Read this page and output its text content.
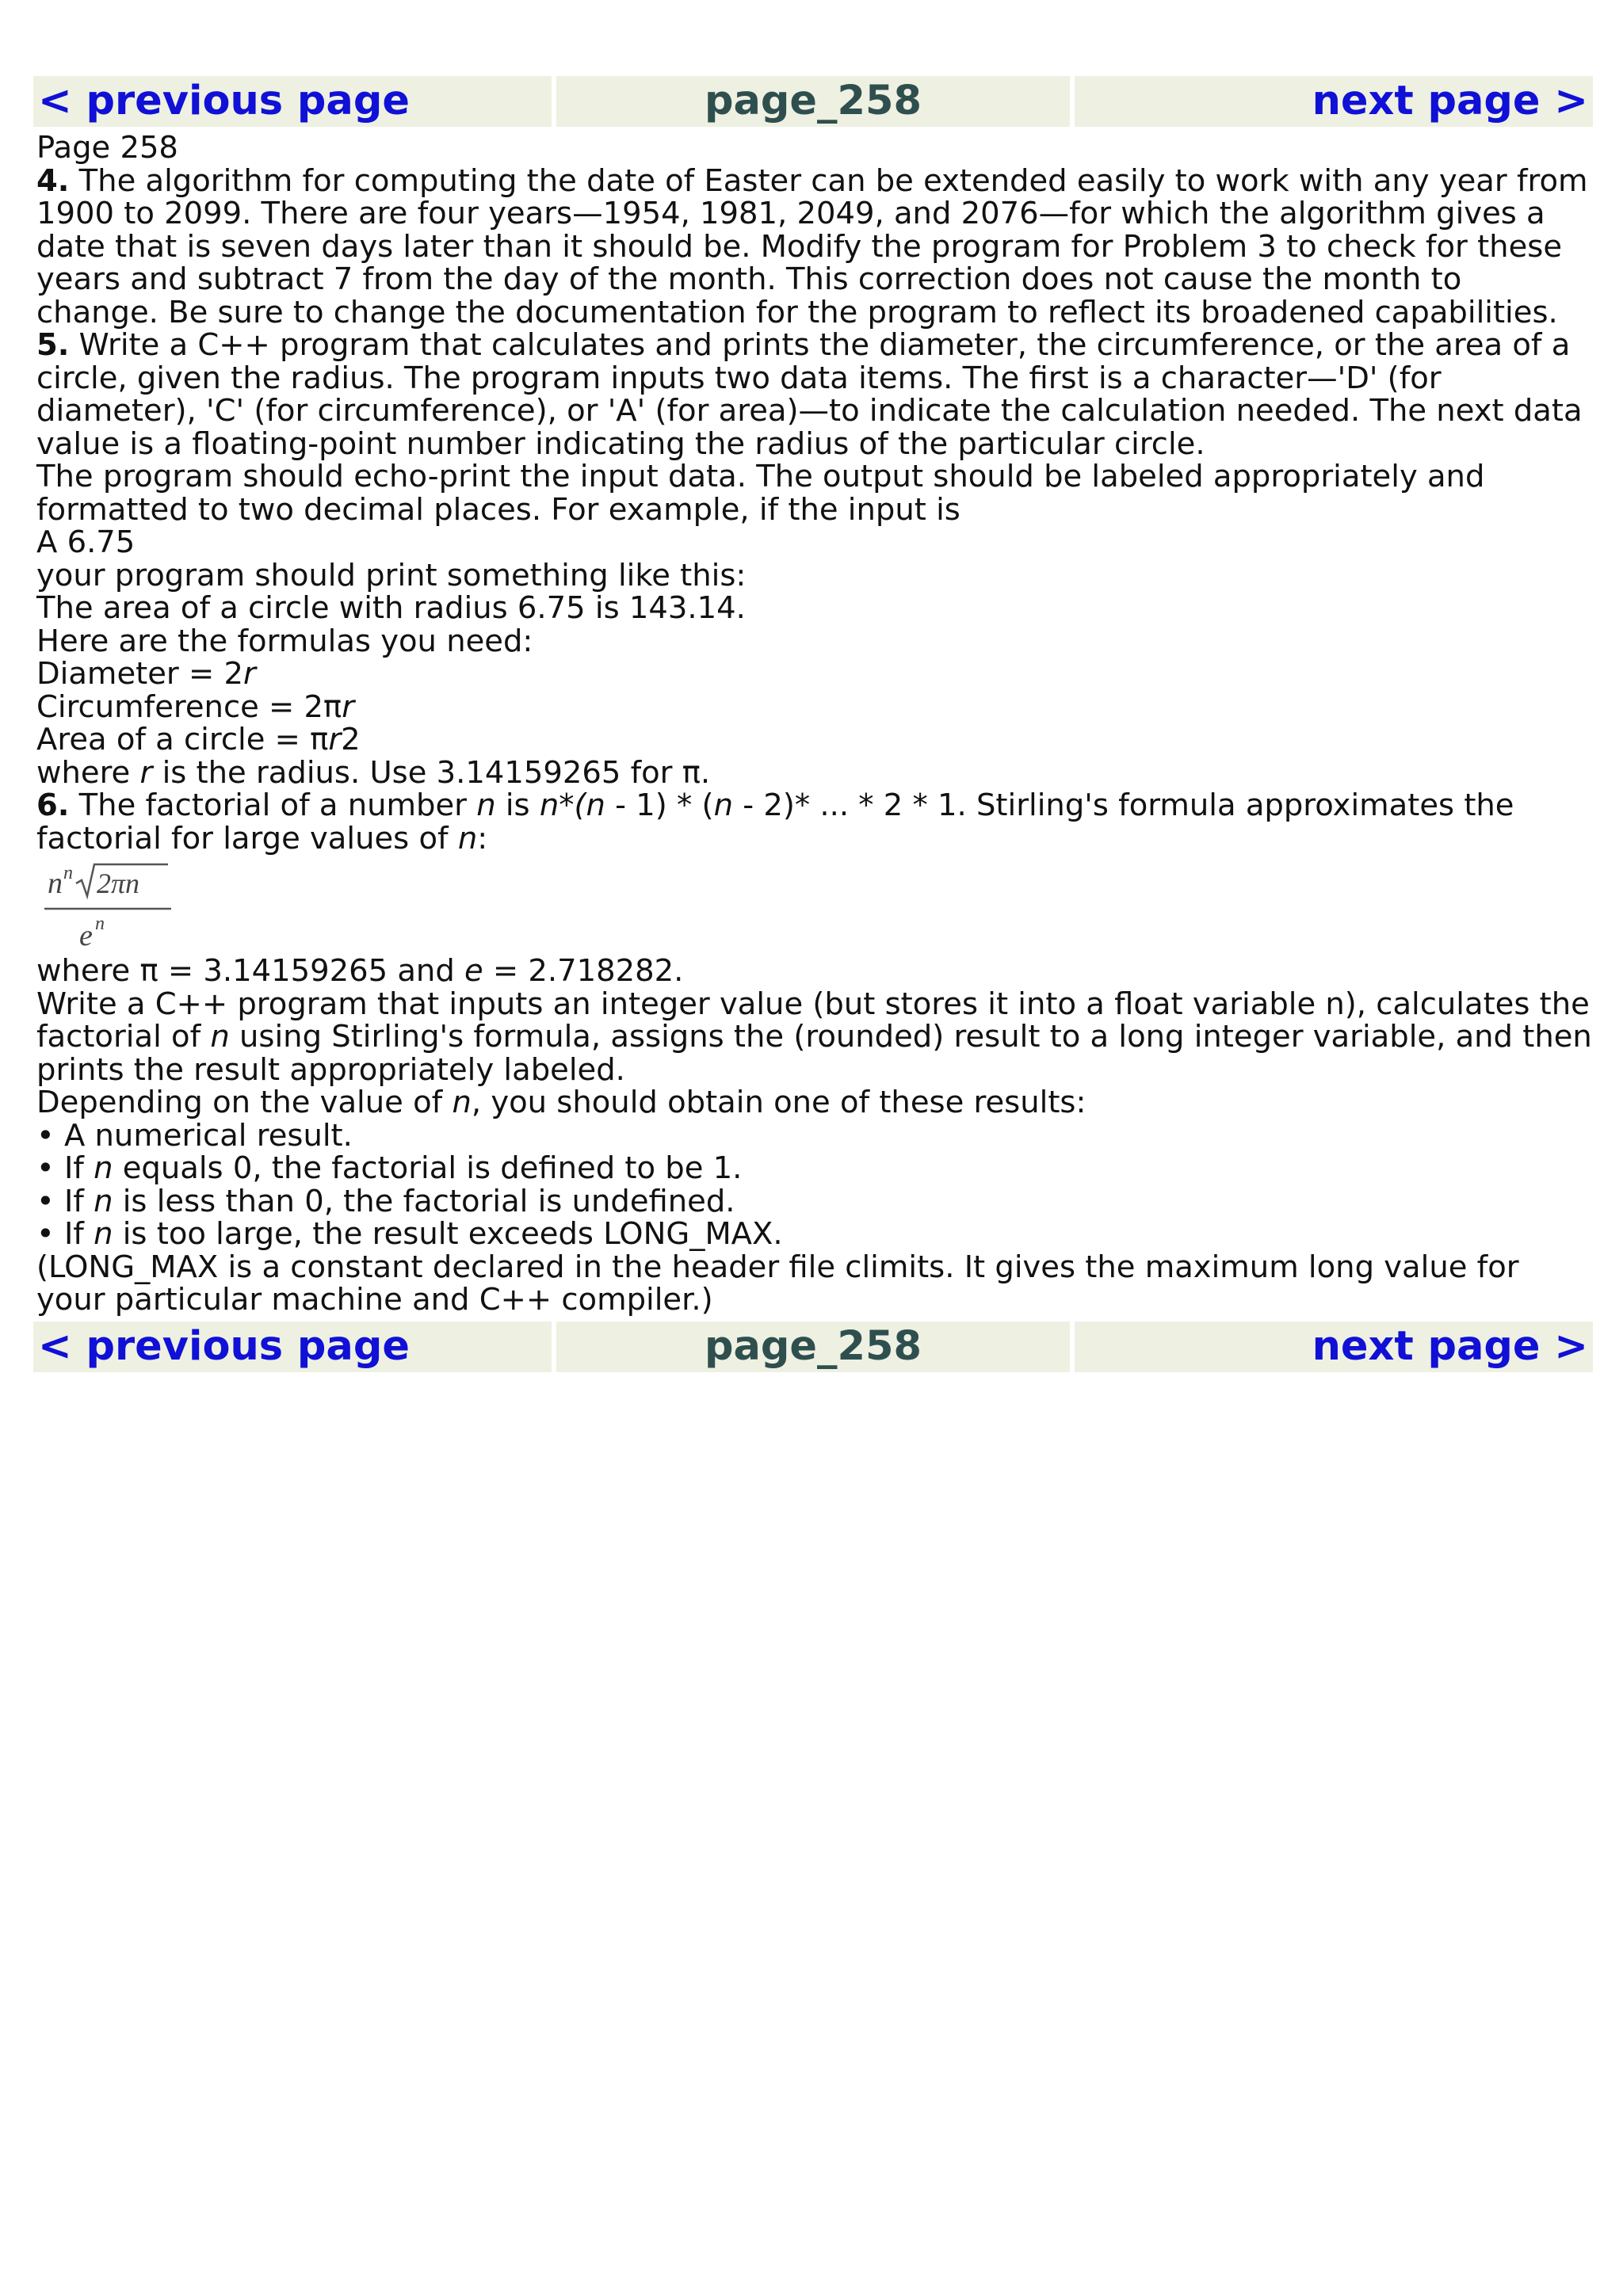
< previous page	page_258	next page >

Page 258

4. The algorithm for computing the date of Easter can be extended easily to work with any year from 1900 to 2099. There are four years—1954, 1981, 2049, and 2076—for which the algorithm gives a date that is seven days later than it should be. Modify the program for Problem 3 to check for these years and subtract 7 from the day of the month. This correction does not cause the month to change. Be sure to change the documentation for the program to reflect its broadened capabilities.

5. Write a C++ program that calculates and prints the diameter, the circumference, or the area of a circle, given the radius. The program inputs two data items. The first is a character—'D' (for diameter), 'C' (for circumference), or 'A' (for area)—to indicate the calculation needed. The next data value is a floating-point number indicating the radius of the particular circle.

The program should echo-print the input data. The output should be labeled appropriately and formatted to two decimal places. For example, if the input is

A 6.75

your program should print something like this:

The area of a circle with radius 6.75 is 143.14.

Here are the formulas you need:

Diameter = 2r

Circumference = 2πr

Area of a circle = πr2

where r is the radius. Use 3.14159265 for π.

6. The factorial of a number n is n*(n - 1) * (n - 2)* ... * 2 * 1. Stirling's formula approximates the factorial for large values of n:

n n 2πn
e n

where π = 3.14159265 and e = 2.718282.

Write a C++ program that inputs an integer value (but stores it into a float variable n), calculates the factorial of n using Stirling's formula, assigns the (rounded) result to a long integer variable, and then prints the result appropriately labeled.

Depending on the value of n, you should obtain one of these results:

• A numerical result.
• If n equals 0, the factorial is defined to be 1.
• If n is less than 0, the factorial is undefined.
• If n is too large, the result exceeds LONG_MAX.

(LONG_MAX is a constant declared in the header file climits. It gives the maximum long value for your particular machine and C++ compiler.)

< previous page	page_258	next page >
